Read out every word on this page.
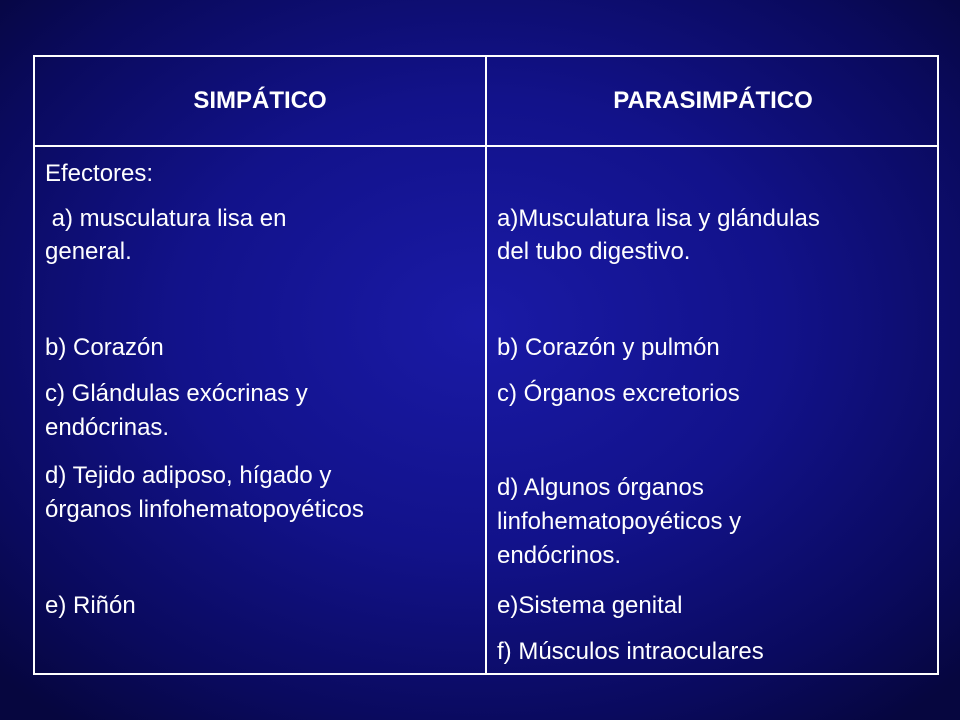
SIMPÁTICO	PARASIMPÁTICO
Efectores:
a) musculatura lisa en
general.
b) Corazón
c) Glándulas exócrinas y
endócrinas.
d) Tejido adiposo, hígado y
órganos linfohematopoyéticos
e) Riñón
a)Musculatura lisa y glándulas
del tubo digestivo.
b) Corazón y pulmón
c) Órganos excretorios
d) Algunos órganos
linfohematopoyéticos y
endócrinos.
e)Sistema genital
f) Músculos intraoculares
